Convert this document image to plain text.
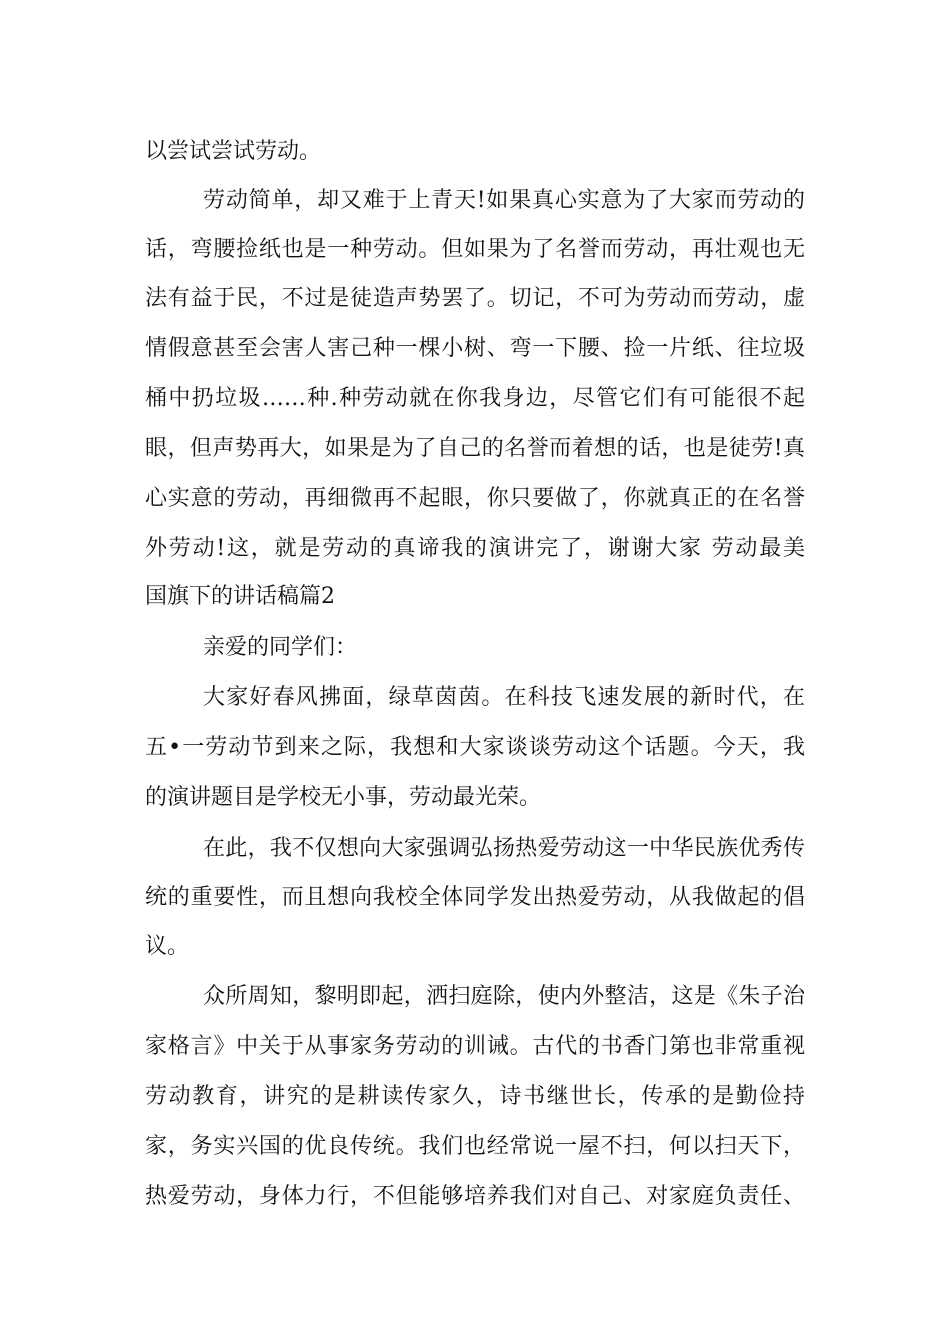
以尝试尝试劳动。
劳动简单，却又难于上青天!如果真心实意为了大家而劳动的
话，弯腰捡纸也是一种劳动。但如果为了名誉而劳动，再壮观也无
法有益于民，不过是徒造声势罢了。切记，不可为劳动而劳动，虚
情假意甚至会害人害己种一棵小树、弯一下腰、捡一片纸、往垃圾
桶中扔垃圾……种.种劳动就在你我身边，尽管它们有可能很不起
眼，但声势再大，如果是为了自己的名誉而着想的话，也是徒劳!真
心实意的劳动，再细微再不起眼，你只要做了，你就真正的在名誉
外劳动!这，就是劳动的真谛我的演讲完了，谢谢大家 劳动最美
国旗下的讲话稿篇2
亲爱的同学们：
大家好春风拂面，绿草茵茵。在科技飞速发展的新时代，在
五•一劳动节到来之际，我想和大家谈谈劳动这个话题。今天，我
的演讲题目是学校无小事，劳动最光荣。
在此，我不仅想向大家强调弘扬热爱劳动这一中华民族优秀传
统的重要性，而且想向我校全体同学发出热爱劳动，从我做起的倡
议。
众所周知，黎明即起，洒扫庭除，使内外整洁，这是《朱子治
家格言》中关于从事家务劳动的训诫。古代的书香门第也非常重视
劳动教育，讲究的是耕读传家久，诗书继世长，传承的是勤俭持
家，务实兴国的优良传统。我们也经常说一屋不扫，何以扫天下，
热爱劳动，身体力行，不但能够培养我们对自己、对家庭负责任、
